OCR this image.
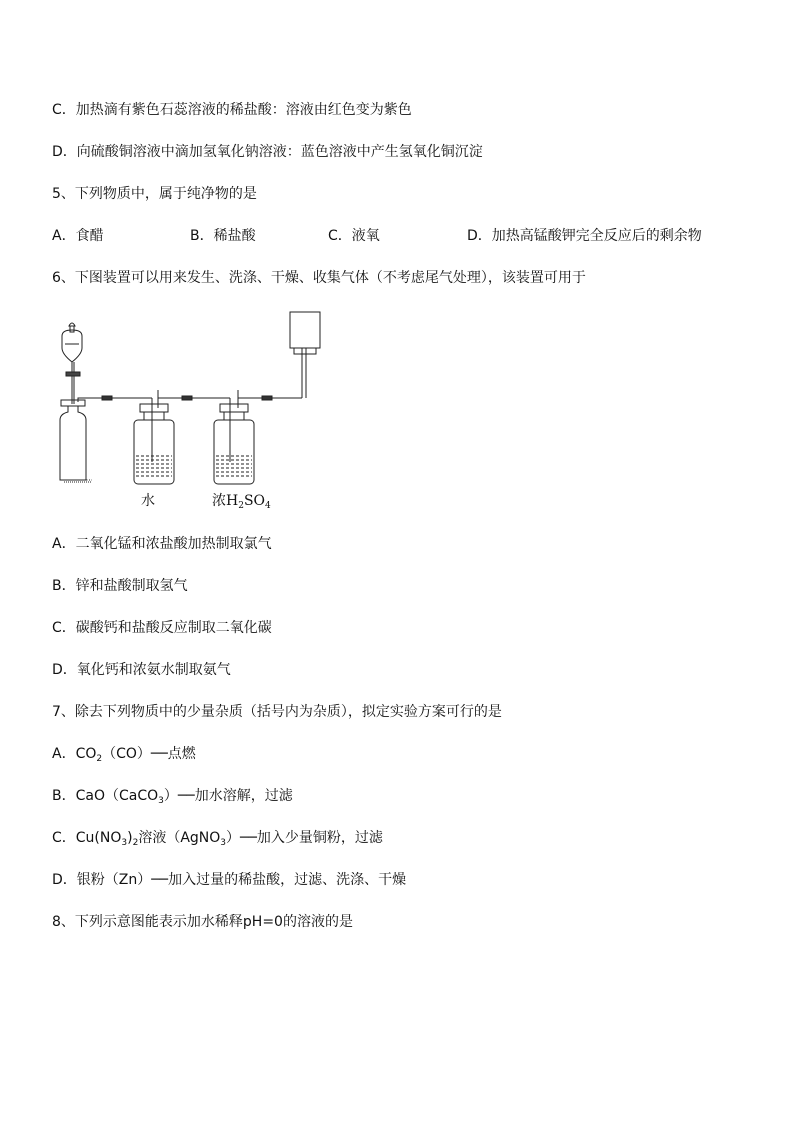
C．加热滴有紫色石蕊溶液的稀盐酸：溶液由红色变为紫色
D．向硫酸铜溶液中滴加氢氧化钠溶液：蓝色溶液中产生氢氧化铜沉淀
5、下列物质中，属于纯净物的是
A．食醋	B．稀盐酸	C．液氧	D．加热高锰酸钾完全反应后的剩余物
6、下图装置可以用来发生、洗涤、干燥、收集气体（不考虑尾气处理），该装置可用于
水	浓$H_2SO_4$
A．二氧化锰和浓盐酸加热制取氯气
B．锌和盐酸制取氢气
C．碳酸钙和盐酸反应制取二氧化碳
D．氧化钙和浓氨水制取氨气
7、除去下列物质中的少量杂质（括号内为杂质），拟定实验方案可行的是
A．$CO_2(CO)──$点燃
B．CaO（CaCO$_3$）──加水溶解，过滤
C．$Cu(NO_3)_2$溶液（AgNO$_3$）──加入少量铜粉，过滤
D．银粉（Zn）──加入过量的稀盐酸，过滤、洗涤、干燥
8、下列示意图能表示加水稀释pH=0的溶液的是
